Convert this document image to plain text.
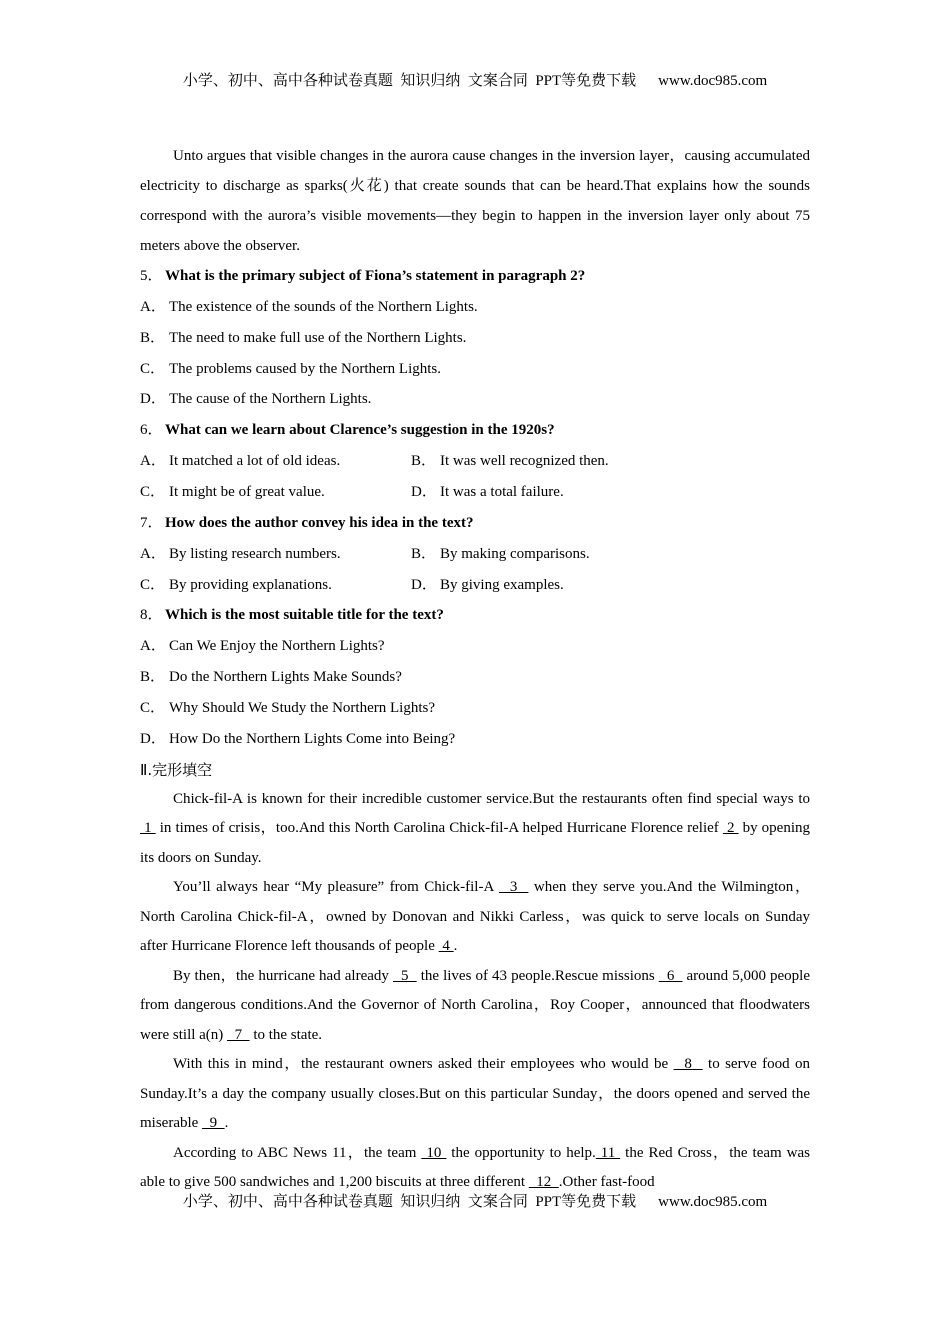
小学、初中、高中各种试卷真题  知识归纳  文案合同  PPT等免费下载 www.doc985.com

Unto argues that visible changes in the aurora cause changes in the inversion layer，causing accumulated electricity to discharge as sparks(火花) that create sounds that can be heard.That explains how the sounds correspond with the aurora’s visible movements—they begin to happen in the inversion layer only about 75 meters above the observer.

5． What is the primary subject of Fiona’s statement in paragraph 2?

A． The existence of the sounds of the Northern Lights.

B． The need to make full use of the Northern Lights.

C． The problems caused by the Northern Lights.

D． The cause of the Northern Lights.

6． What can we learn about Clarence’s suggestion in the 1920s?

A． It matched a lot of old ideas.	B． It was well recognized then.

C． It might be of great value.	D． It was a total failure.

7． How does the author convey his idea in the text?

A． By listing research numbers.	B． By making comparisons.

C． By providing explanations.	D． By giving examples.

8． Which is the most suitable title for the text?

A． Can We Enjoy the Northern Lights?

B． Do the Northern Lights Make Sounds?

C． Why Should We Study the Northern Lights?

D． How Do the Northern Lights Come into Being?

Ⅱ.完形填空

Chick-fil-A is known for their incredible customer service.But the restaurants often find special ways to  1  in times of crisis，too.And this North Carolina Chick-fil-A helped Hurricane Florence relief  2  by opening its doors on Sunday.

You’ll always hear “My pleasure” from Chick-fil-A   3   when they serve you.And the Wilmington，North Carolina Chick-fil-A，owned by Donovan and Nikki Carless，was quick to serve locals on Sunday after Hurricane Florence left thousands of people  4 .

By then，the hurricane had already   5   the lives of 43 people.Rescue missions   6   around 5,000 people from dangerous conditions.And the Governor of North Carolina，Roy Cooper，announced that floodwaters were still a(n)   7   to the state.

With this in mind，the restaurant owners asked their employees who would be   8   to serve food on Sunday.It’s a day the company usually closes.But on this particular Sunday，the doors opened and served the miserable   9  .

According to ABC News 11，the team  10  the opportunity to help. 11  the Red Cross，the team was able to give 500 sandwiches and 1,200 biscuits at three different   12  .Other fast-food

小学、初中、高中各种试卷真题  知识归纳  文案合同  PPT等免费下载 www.doc985.com
